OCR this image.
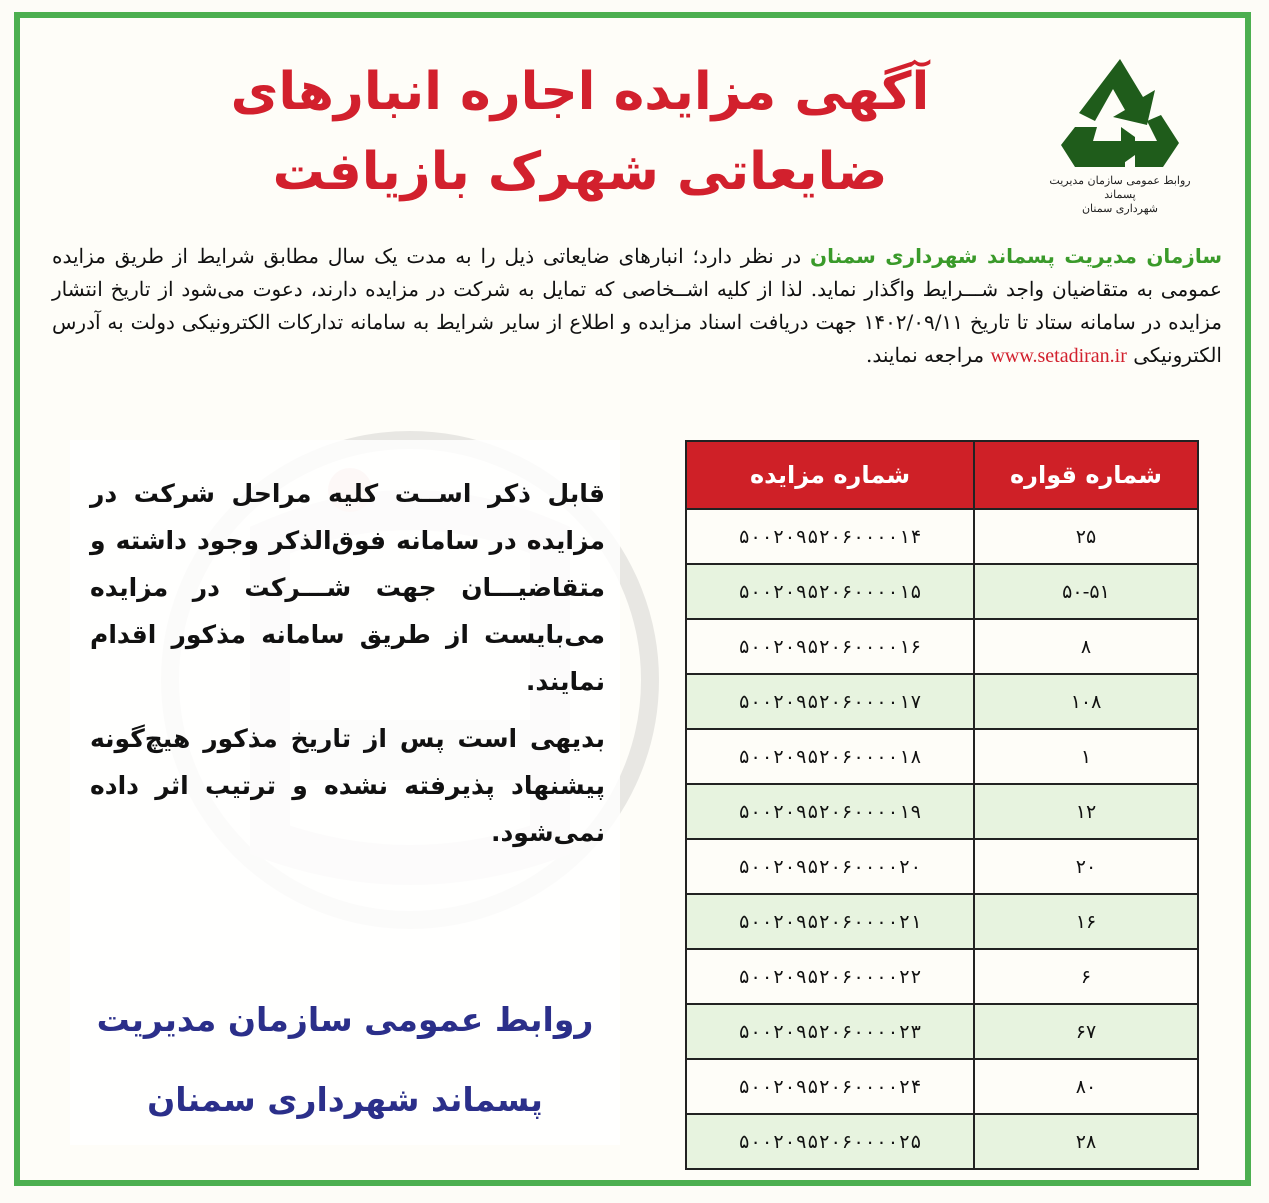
روابط عمومی سازمان مدیریت پسماند
شهرداری سمنان
آگهی مزایده اجاره انبارهای
ضایعاتی شهرک بازیافت
سازمان مدیریت پسماند شهرداری سمنان در نظر دارد؛ انبارهای ضایعاتی ذیل را به مدت یک سال مطابق شرایط از طریق مزایده عمومی به متقاضیان واجد شـــرایط واگذار نماید. لذا از کلیه اشــخاصی که تمایل به شرکت در مزایده دارند، دعوت می‌شود از تاریخ انتشار مزایده در سامانه ستاد تا تاریخ ۱۴۰۲/۰۹/۱۱ جهت دریافت اسناد مزایده و اطلاع از سایر شرایط به سامانه تدارکات الکترونیکی دولت به آدرس الکترونیکی www.setadiran.ir مراجعه نمایند.
شماره قواره	شماره مزایده
۲۵	۵۰۰۲۰۹۵۲۰۶۰۰۰۰۱۴
۵۰-۵۱	۵۰۰۲۰۹۵۲۰۶۰۰۰۰۱۵
۸	۵۰۰۲۰۹۵۲۰۶۰۰۰۰۱۶
۱۰۸	۵۰۰۲۰۹۵۲۰۶۰۰۰۰۱۷
۱	۵۰۰۲۰۹۵۲۰۶۰۰۰۰۱۸
۱۲	۵۰۰۲۰۹۵۲۰۶۰۰۰۰۱۹
۲۰	۵۰۰۲۰۹۵۲۰۶۰۰۰۰۲۰
۱۶	۵۰۰۲۰۹۵۲۰۶۰۰۰۰۲۱
۶	۵۰۰۲۰۹۵۲۰۶۰۰۰۰۲۲
۶۷	۵۰۰۲۰۹۵۲۰۶۰۰۰۰۲۳
۸۰	۵۰۰۲۰۹۵۲۰۶۰۰۰۰۲۴
۲۸	۵۰۰۲۰۹۵۲۰۶۰۰۰۰۲۵

قابل ذکر اســت کلیه مراحل شرکت در مزایده در سامانه فوق‌الذکر وجود داشته و متقاضیـــان جهت شـــرکت در مزایده می‌بایست از طریق سامانه مذکور اقدام نمایند.

بدیهی است پس از تاریخ مذکور هیچ‌گونه پیشنهاد پذیرفته نشده و ترتیب اثر داده نمی‌شود.

روابط عمومی سازمان مدیریت
پسماند شهرداری سمنان
